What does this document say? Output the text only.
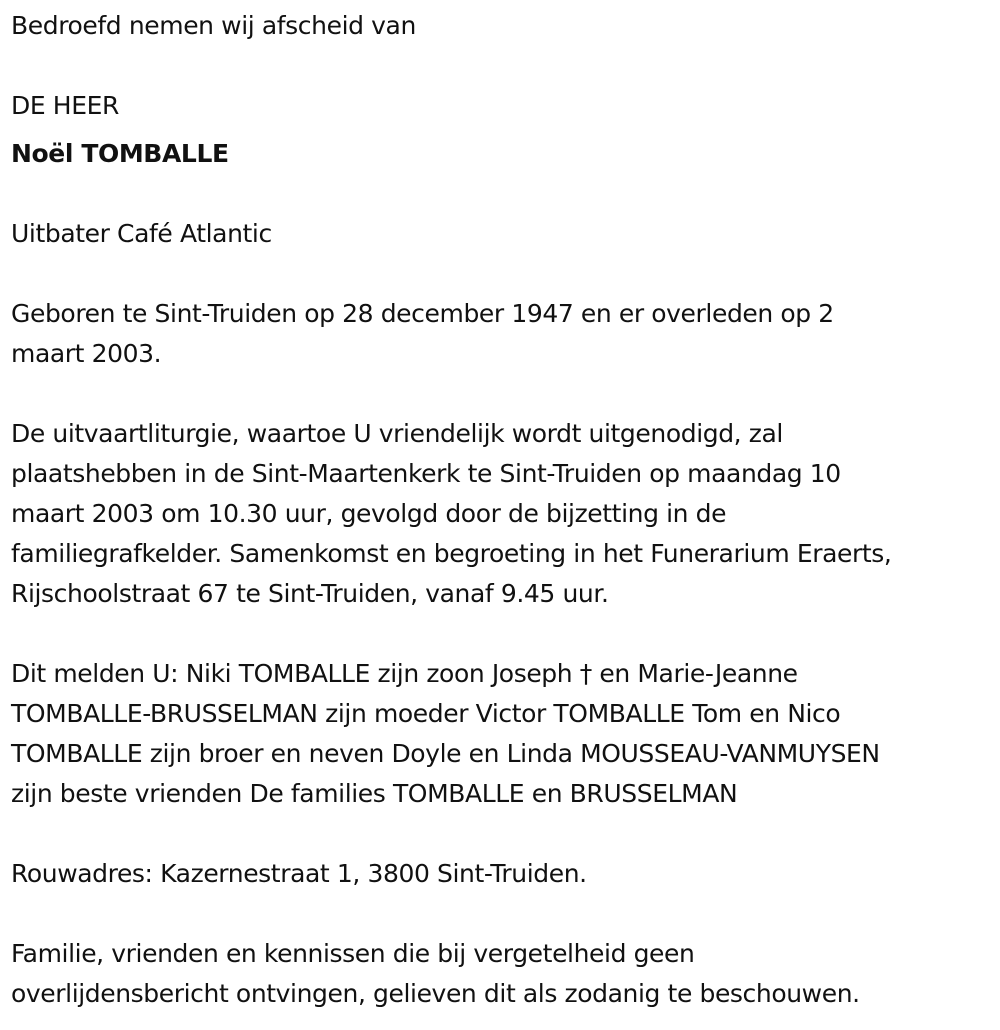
Bedroefd nemen wij afscheid van
DE HEER
Noël TOMBALLE
Uitbater Café Atlantic
Geboren te Sint-Truiden op 28 december 1947 en er overleden op 2
maart 2003.
De uitvaartliturgie, waartoe U vriendelijk wordt uitgenodigd, zal
plaatshebben in de Sint-Maartenkerk te Sint-Truiden op maandag 10
maart 2003 om 10.30 uur, gevolgd door de bijzetting in de
familiegrafkelder. Samenkomst en begroeting in het Funerarium Eraerts,
Rijschoolstraat 67 te Sint-Truiden, vanaf 9.45 uur.
Dit melden U: Niki TOMBALLE zijn zoon Joseph † en Marie-Jeanne
TOMBALLE-BRUSSELMAN zijn moeder Victor TOMBALLE Tom en Nico
TOMBALLE zijn broer en neven Doyle en Linda MOUSSEAU-VANMUYSEN
zijn beste vrienden De families TOMBALLE en BRUSSELMAN
Rouwadres: Kazernestraat 1, 3800 Sint-Truiden.
Familie, vrienden en kennissen die bij vergetelheid geen
overlijdensbericht ontvingen, gelieven dit als zodanig te beschouwen.
